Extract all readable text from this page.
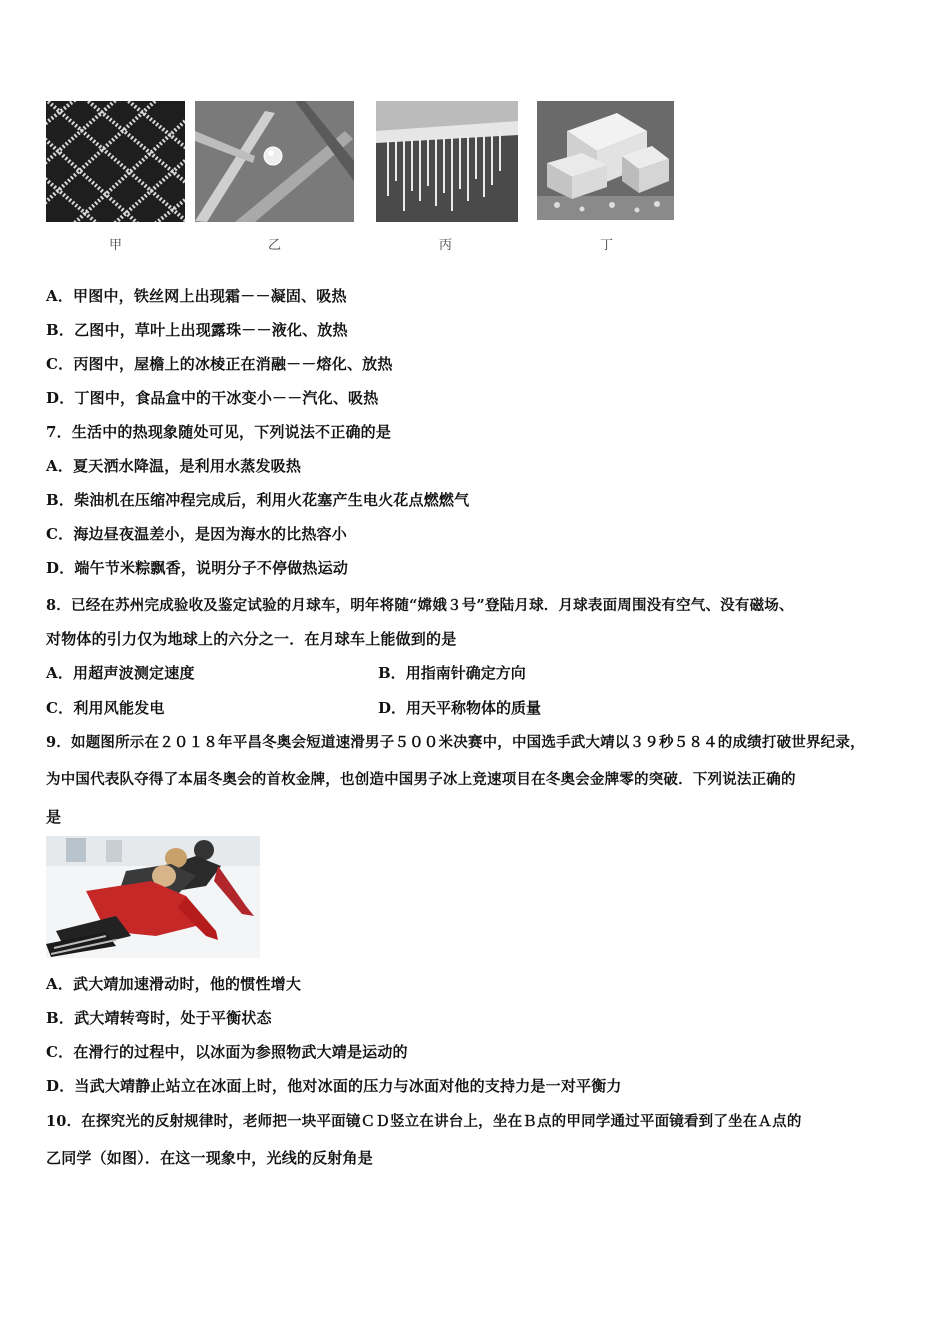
甲	乙	丙	丁
A．甲图中，铁丝网上出现霜－－凝固、吸热
B．乙图中，草叶上出现露珠－－液化、放热
C．丙图中，屋檐上的冰棱正在消融－－熔化、放热
D．丁图中，食品盒中的干冰变小－－汽化、吸热
7．生活中的热现象随处可见，下列说法不正确的是
A．夏天洒水降温，是利用水蒸发吸热
B．柴油机在压缩冲程完成后，利用火花塞产生电火花点燃燃气
C．海边昼夜温差小，是因为海水的比热容小
D．端午节米粽飘香，说明分子不停做热运动
8．已经在苏州完成验收及鉴定试验的月球车，明年将随“嫦娥３号”登陆月球．月球表面周围没有空气、没有磁场、
对物体的引力仅为地球上的六分之一．在月球车上能做到的是
A．用超声波测定速度	B．用指南针确定方向
C．利用风能发电	D．用天平称物体的质量
9．如题图所示在２０１８年平昌冬奥会短道速滑男子５００米决赛中，中国选手武大靖以３９秒５８４的成绩打破世界纪录，
为中国代表队夺得了本届冬奥会的首枚金牌，也创造中国男子冰上竞速项目在冬奥会金牌零的突破．下列说法正确的
是
A．武大靖加速滑动时，他的惯性增大
B．武大靖转弯时，处于平衡状态
C．在滑行的过程中，以冰面为参照物武大靖是运动的
D．当武大靖静止站立在冰面上时，他对冰面的压力与冰面对他的支持力是一对平衡力
10．在探究光的反射规律时，老师把一块平面镜ＣＤ竖立在讲台上，坐在Ｂ点的甲同学通过平面镜看到了坐在Ａ点的
乙同学（如图）．在这一现象中，光线的反射角是
